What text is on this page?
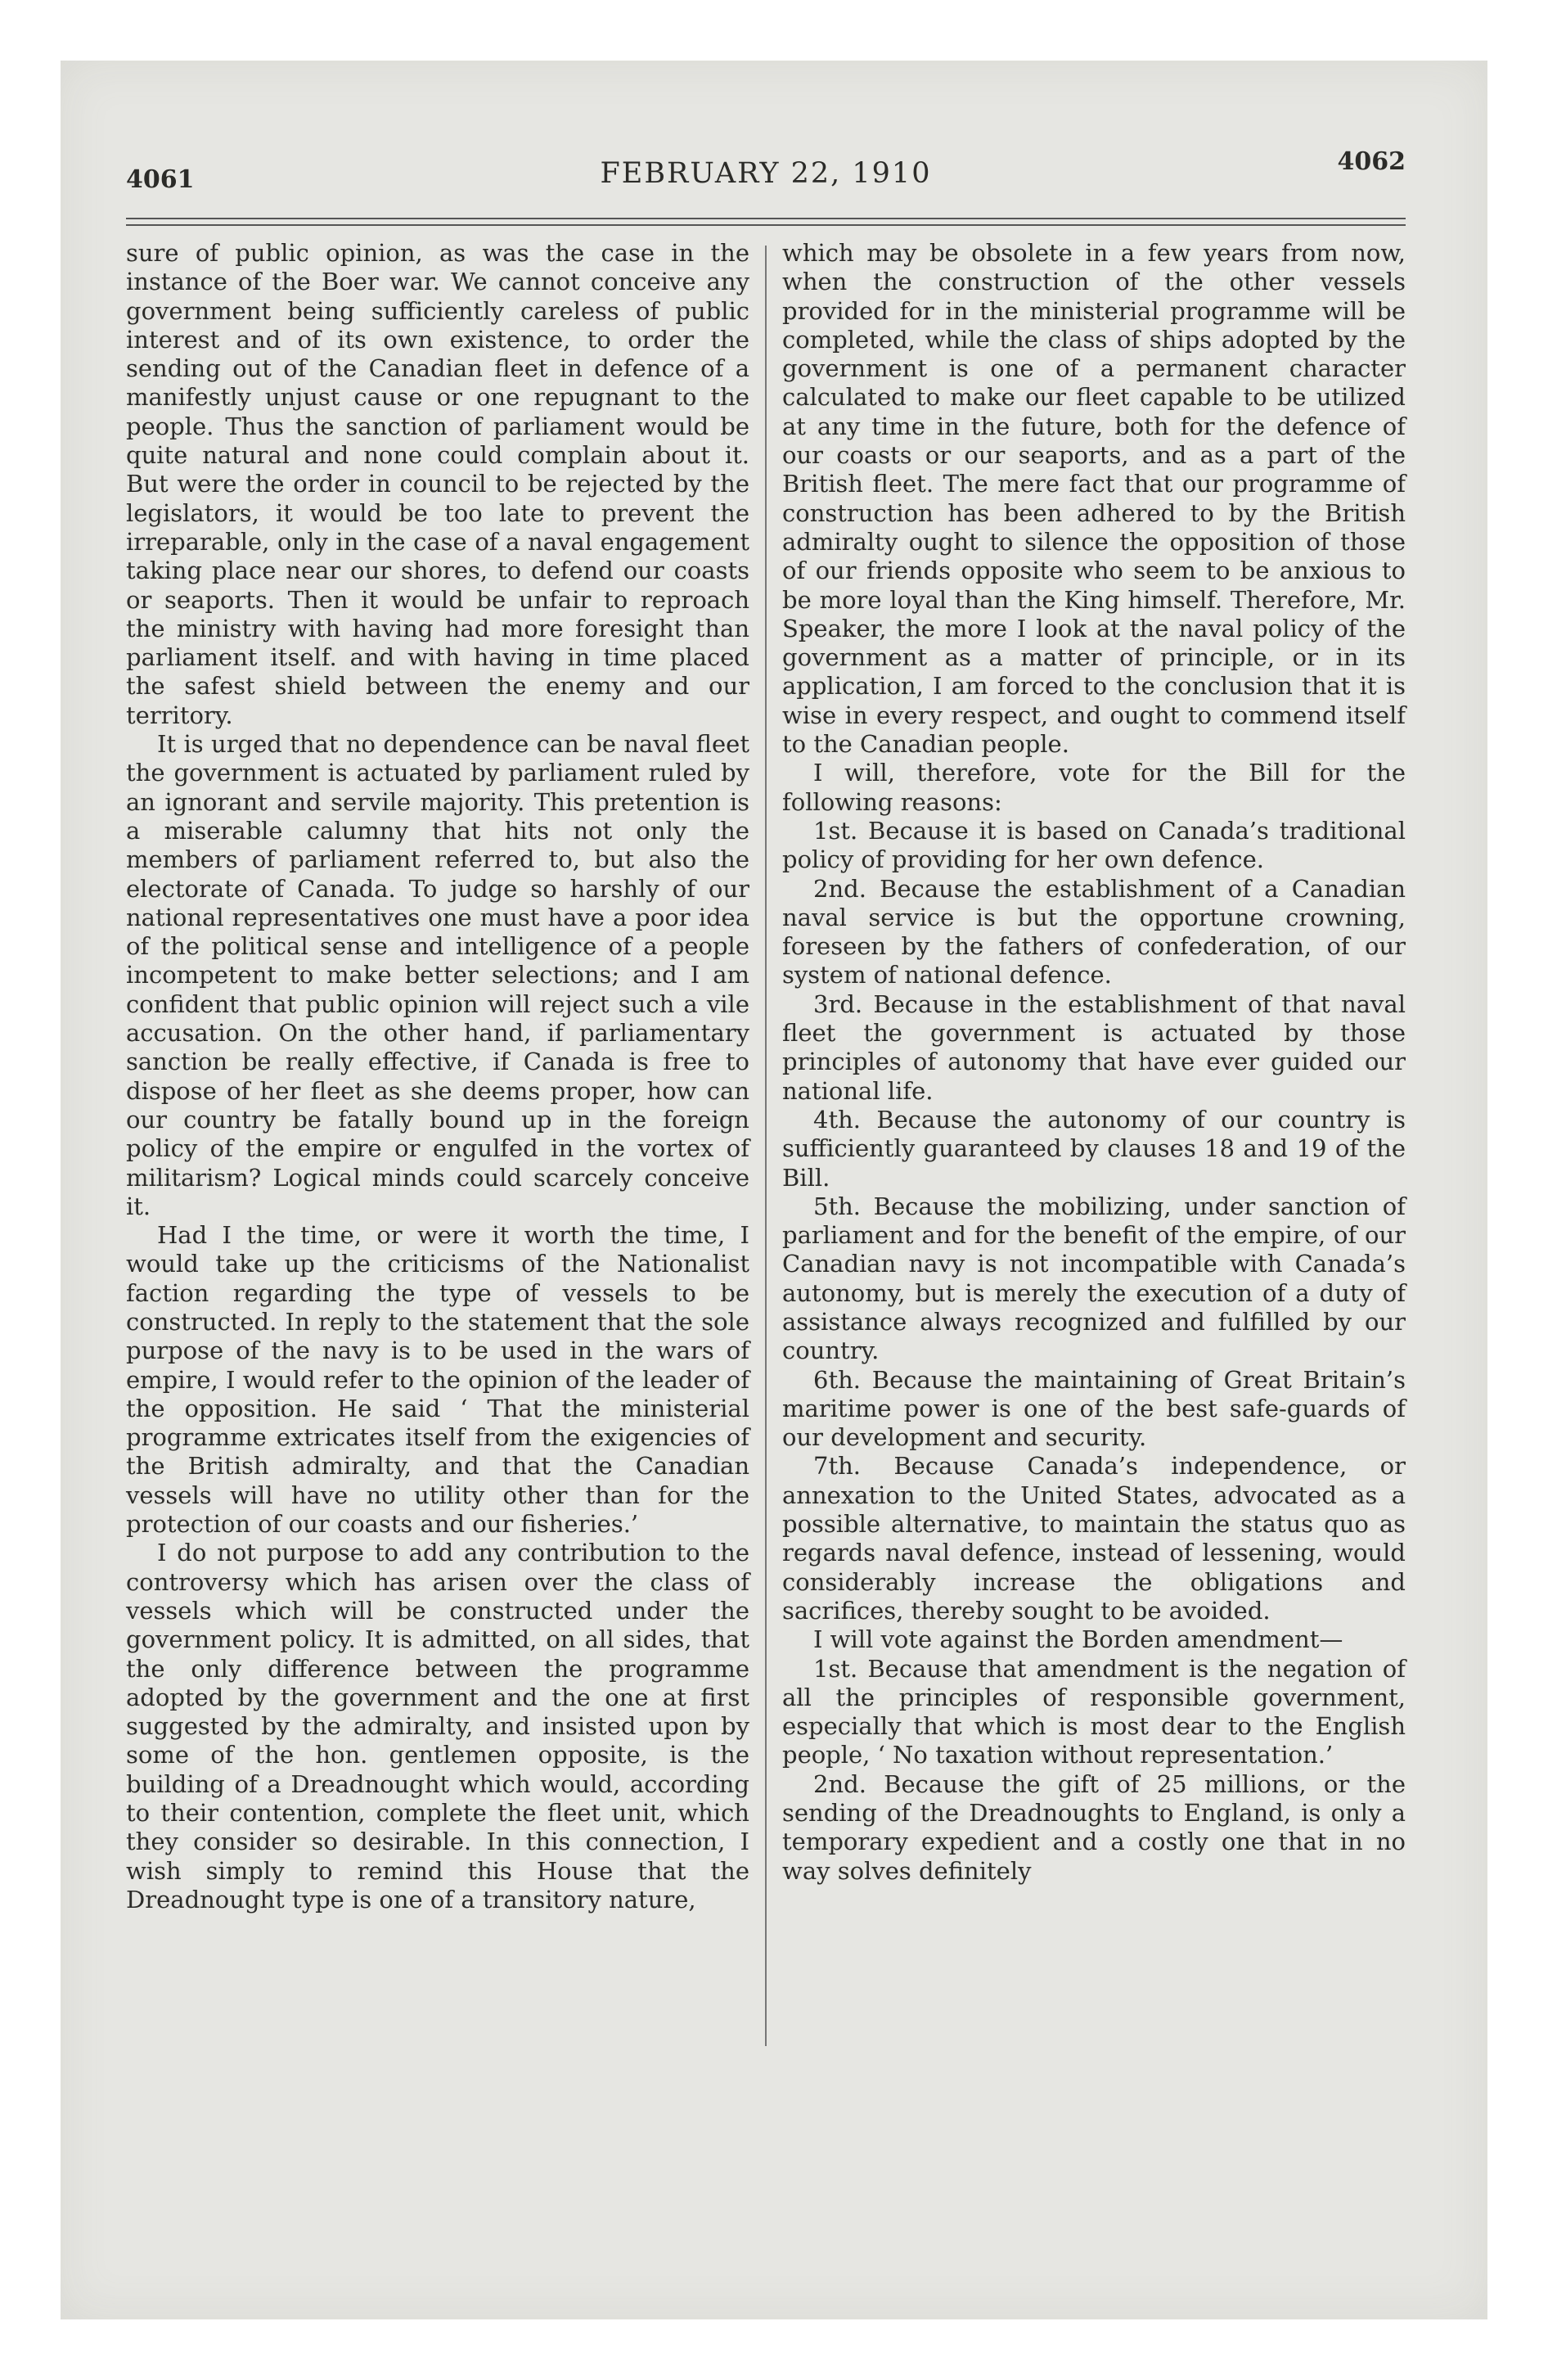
4061	FEBRUARY 22, 1910	4062

sure of public opinion, as was the case in the instance of the Boer war. We cannot conceive any government being sufficiently careless of public interest and of its own existence, to order the sending out of the Canadian fleet in defence of a manifestly unjust cause or one repugnant to the people. Thus the sanction of parliament would be quite natural and none could complain about it. But were the order in council to be rejected by the legislators, it would be too late to prevent the irreparable, only in the case of a naval engagement taking place near our shores, to defend our coasts or seaports. Then it would be unfair to reproach the ministry with having had more foresight than parliament itself. and with having in time placed the safest shield between the enemy and our territory.

It is urged that no dependence can be naval fleet the government is actuated by parliament ruled by an ignorant and servile majority. This pretention is a miserable calumny that hits not only the members of parliament referred to, but also the electorate of Canada. To judge so harshly of our national representatives one must have a poor idea of the political sense and intelligence of a people incompetent to make better selections; and I am confident that public opinion will reject such a vile accusation. On the other hand, if parliamentary sanction be really effective, if Canada is free to dispose of her fleet as she deems proper, how can our country be fatally bound up in the foreign policy of the empire or engulfed in the vortex of militarism? Logical minds could scarcely conceive it.

Had I the time, or were it worth the time, I would take up the criticisms of the Nationalist faction regarding the type of vessels to be constructed. In reply to the statement that the sole purpose of the navy is to be used in the wars of empire, I would refer to the opinion of the leader of the opposition. He said ‘ That the ministerial programme extricates itself from the exigencies of the British admiralty, and that the Canadian vessels will have no utility other than for the protection of our coasts and our fisheries.’

I do not purpose to add any contribution to the controversy which has arisen over the class of vessels which will be constructed under the government policy. It is admitted, on all sides, that the only difference between the programme adopted by the government and the one at first suggested by the admiralty, and insisted upon by some of the hon. gentlemen opposite, is the building of a Dreadnought which would, according to their contention, complete the fleet unit, which they consider so desirable. In this connection, I wish simply to remind this House that the Dreadnought type is one of a transitory nature,

which may be obsolete in a few years from now, when the construction of the other vessels provided for in the ministerial programme will be completed, while the class of ships adopted by the government is one of a permanent character calculated to make our fleet capable to be utilized at any time in the future, both for the defence of our coasts or our seaports, and as a part of the British fleet. The mere fact that our programme of construction has been adhered to by the British admiralty ought to silence the opposition of those of our friends opposite who seem to be anxious to be more loyal than the King himself. Therefore, Mr. Speaker, the more I look at the naval policy of the government as a matter of principle, or in its application, I am forced to the conclusion that it is wise in every respect, and ought to commend itself to the Canadian people.

I will, therefore, vote for the Bill for the following reasons:

1st. Because it is based on Canada’s traditional policy of providing for her own defence.

2nd. Because the establishment of a Canadian naval service is but the opportune crowning, foreseen by the fathers of confederation, of our system of national defence.

3rd. Because in the establishment of that naval fleet the government is actuated by those principles of autonomy that have ever guided our national life.

4th. Because the autonomy of our country is sufficiently guaranteed by clauses 18 and 19 of the Bill.

5th. Because the mobilizing, under sanction of parliament and for the benefit of the empire, of our Canadian navy is not incompatible with Canada’s autonomy, but is merely the execution of a duty of assistance always recognized and fulfilled by our country.

6th. Because the maintaining of Great Britain’s maritime power is one of the best safe-guards of our development and security.

7th. Because Canada’s independence, or annexation to the United States, advocated as a possible alternative, to maintain the status quo as regards naval defence, instead of lessening, would considerably increase the obligations and sacrifices, thereby sought to be avoided.

I will vote against the Borden amendment—

1st. Because that amendment is the negation of all the principles of responsible government, especially that which is most dear to the English people, ‘ No taxation without representation.’

2nd. Because the gift of 25 millions, or the sending of the Dreadnoughts to England, is only a temporary expedient and a costly one that in no way solves definitely
